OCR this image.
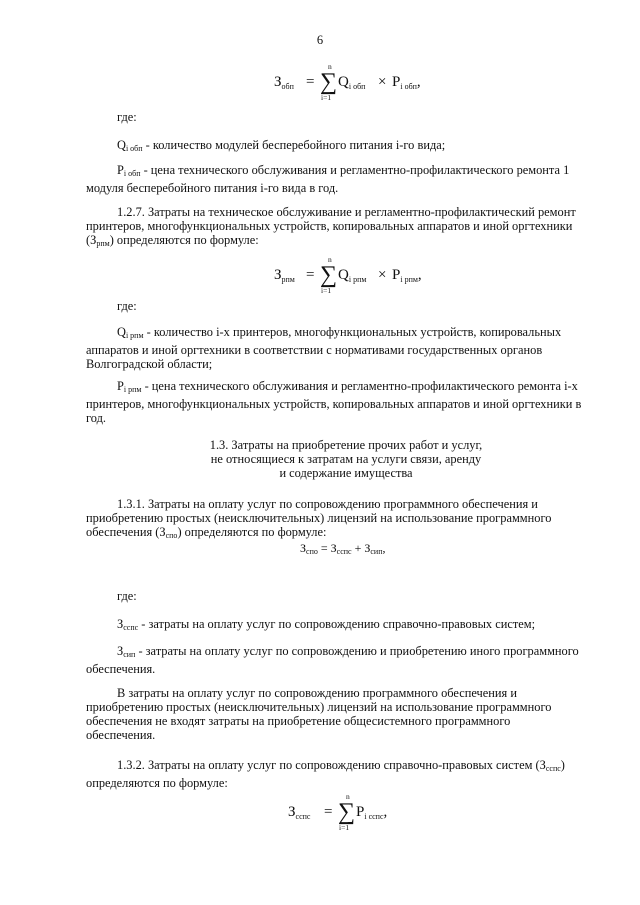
6
$З_{обп}$ =
n
∑
i=1
$Q_{i обп} \times P_{i обп}$,
где:
$Q_{i обп}$ - количество модулей бесперебойного питания i-го вида;
$P_{i обп}$ - цена технического обслуживания и регламентно-профилактического ремонта 1
модуля бесперебойного питания i-го вида в год.
1.2.7. Затраты на техническое обслуживание и регламентно-профилактический ремонт
принтеров, многофункциональных устройств, копировальных аппаратов и иной оргтехники
$(З_{рпм})$ определяются по формуле:
$З_{рпм}$ =
n
∑
i=1
$Q_{i рпм} \times P_{i рпм}$,
где:
$Q_{i рпм}$ - количество i-х принтеров, многофункциональных устройств, копировальных
аппаратов и иной оргтехники в соответствии с нормативами государственных органов
Волгоградской области;
$P_{i рпм}$ - цена технического обслуживания и регламентно-профилактического ремонта i-х
принтеров, многофункциональных устройств, копировальных аппаратов и иной оргтехники в
год.
1.3. Затраты на приобретение прочих работ и услуг,
не относящиеся к затратам на услуги связи, аренду
и содержание имущества
1.3.1. Затраты на оплату услуг по сопровождению программного обеспечения и
приобретению простых (неисключительных) лицензий на использование программного
обеспечения $(З_{спо})$ определяются по формуле:
$З_{спо} = З_{сспс} + З_{сип}$,
где:
$З_{сспс}$ - затраты на оплату услуг по сопровождению справочно-правовых систем;
$З_{сип}$ - затраты на оплату услуг по сопровождению и приобретению иного программного
обеспечения.
В затраты на оплату услуг по сопровождению программного обеспечения и
приобретению простых (неисключительных) лицензий на использование программного
обеспечения не входят затраты на приобретение общесистемного программного
обеспечения.
1.3.2. Затраты на оплату услуг по сопровождению справочно-правовых систем $(З_{сспс})$
определяются по формуле:
$З_{сспс}$ =
n
∑
i=1
$P_{i сспс}$,
